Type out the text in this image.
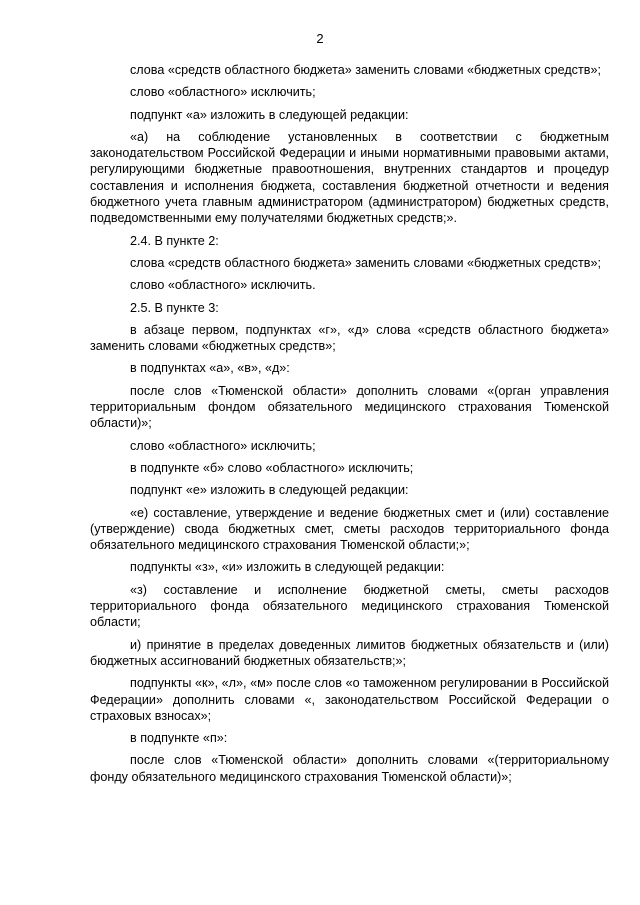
2

слова «средств областного бюджета» заменить словами «бюджетных средств»;

слово «областного» исключить;

подпункт «а» изложить в следующей редакции:

«а) на соблюдение установленных в соответствии с бюджетным законодательством Российской Федерации и иными нормативными правовыми актами, регулирующими бюджетные правоотношения, внутренних стандартов и процедур составления и исполнения бюджета, составления бюджетной отчетности и ведения бюджетного учета главным администратором (администратором) бюджетных средств, подведомственными ему получателями бюджетных средств;».

2.4. В пункте 2:

слова «средств областного бюджета» заменить словами «бюджетных средств»;

слово «областного» исключить.

2.5. В пункте 3:

в абзаце первом, подпунктах «г», «д» слова «средств областного бюджета» заменить словами «бюджетных средств»;

в подпунктах «а», «в», «д»:

после слов «Тюменской области» дополнить словами «(орган управления территориальным фондом обязательного медицинского страхования Тюменской области)»;

слово «областного» исключить;

в подпункте «б» слово «областного» исключить;

подпункт «е» изложить в следующей редакции:

«е) составление, утверждение и ведение бюджетных смет и (или) составление (утверждение) свода бюджетных смет, сметы расходов территориального фонда обязательного медицинского страхования Тюменской области;»;

подпункты «з», «и» изложить в следующей редакции:

«з) составление и исполнение бюджетной сметы, сметы расходов территориального фонда обязательного медицинского страхования Тюменской области;

и) принятие в пределах доведенных лимитов бюджетных обязательств и (или) бюджетных ассигнований бюджетных обязательств;»;

подпункты «к», «л», «м» после слов «о таможенном регулировании в Российской Федерации» дополнить словами «, законодательством Российской Федерации о страховых взносах»;

в подпункте «п»:

после слов «Тюменской области» дополнить словами «(территориальному фонду обязательного медицинского страхования Тюменской области)»;
